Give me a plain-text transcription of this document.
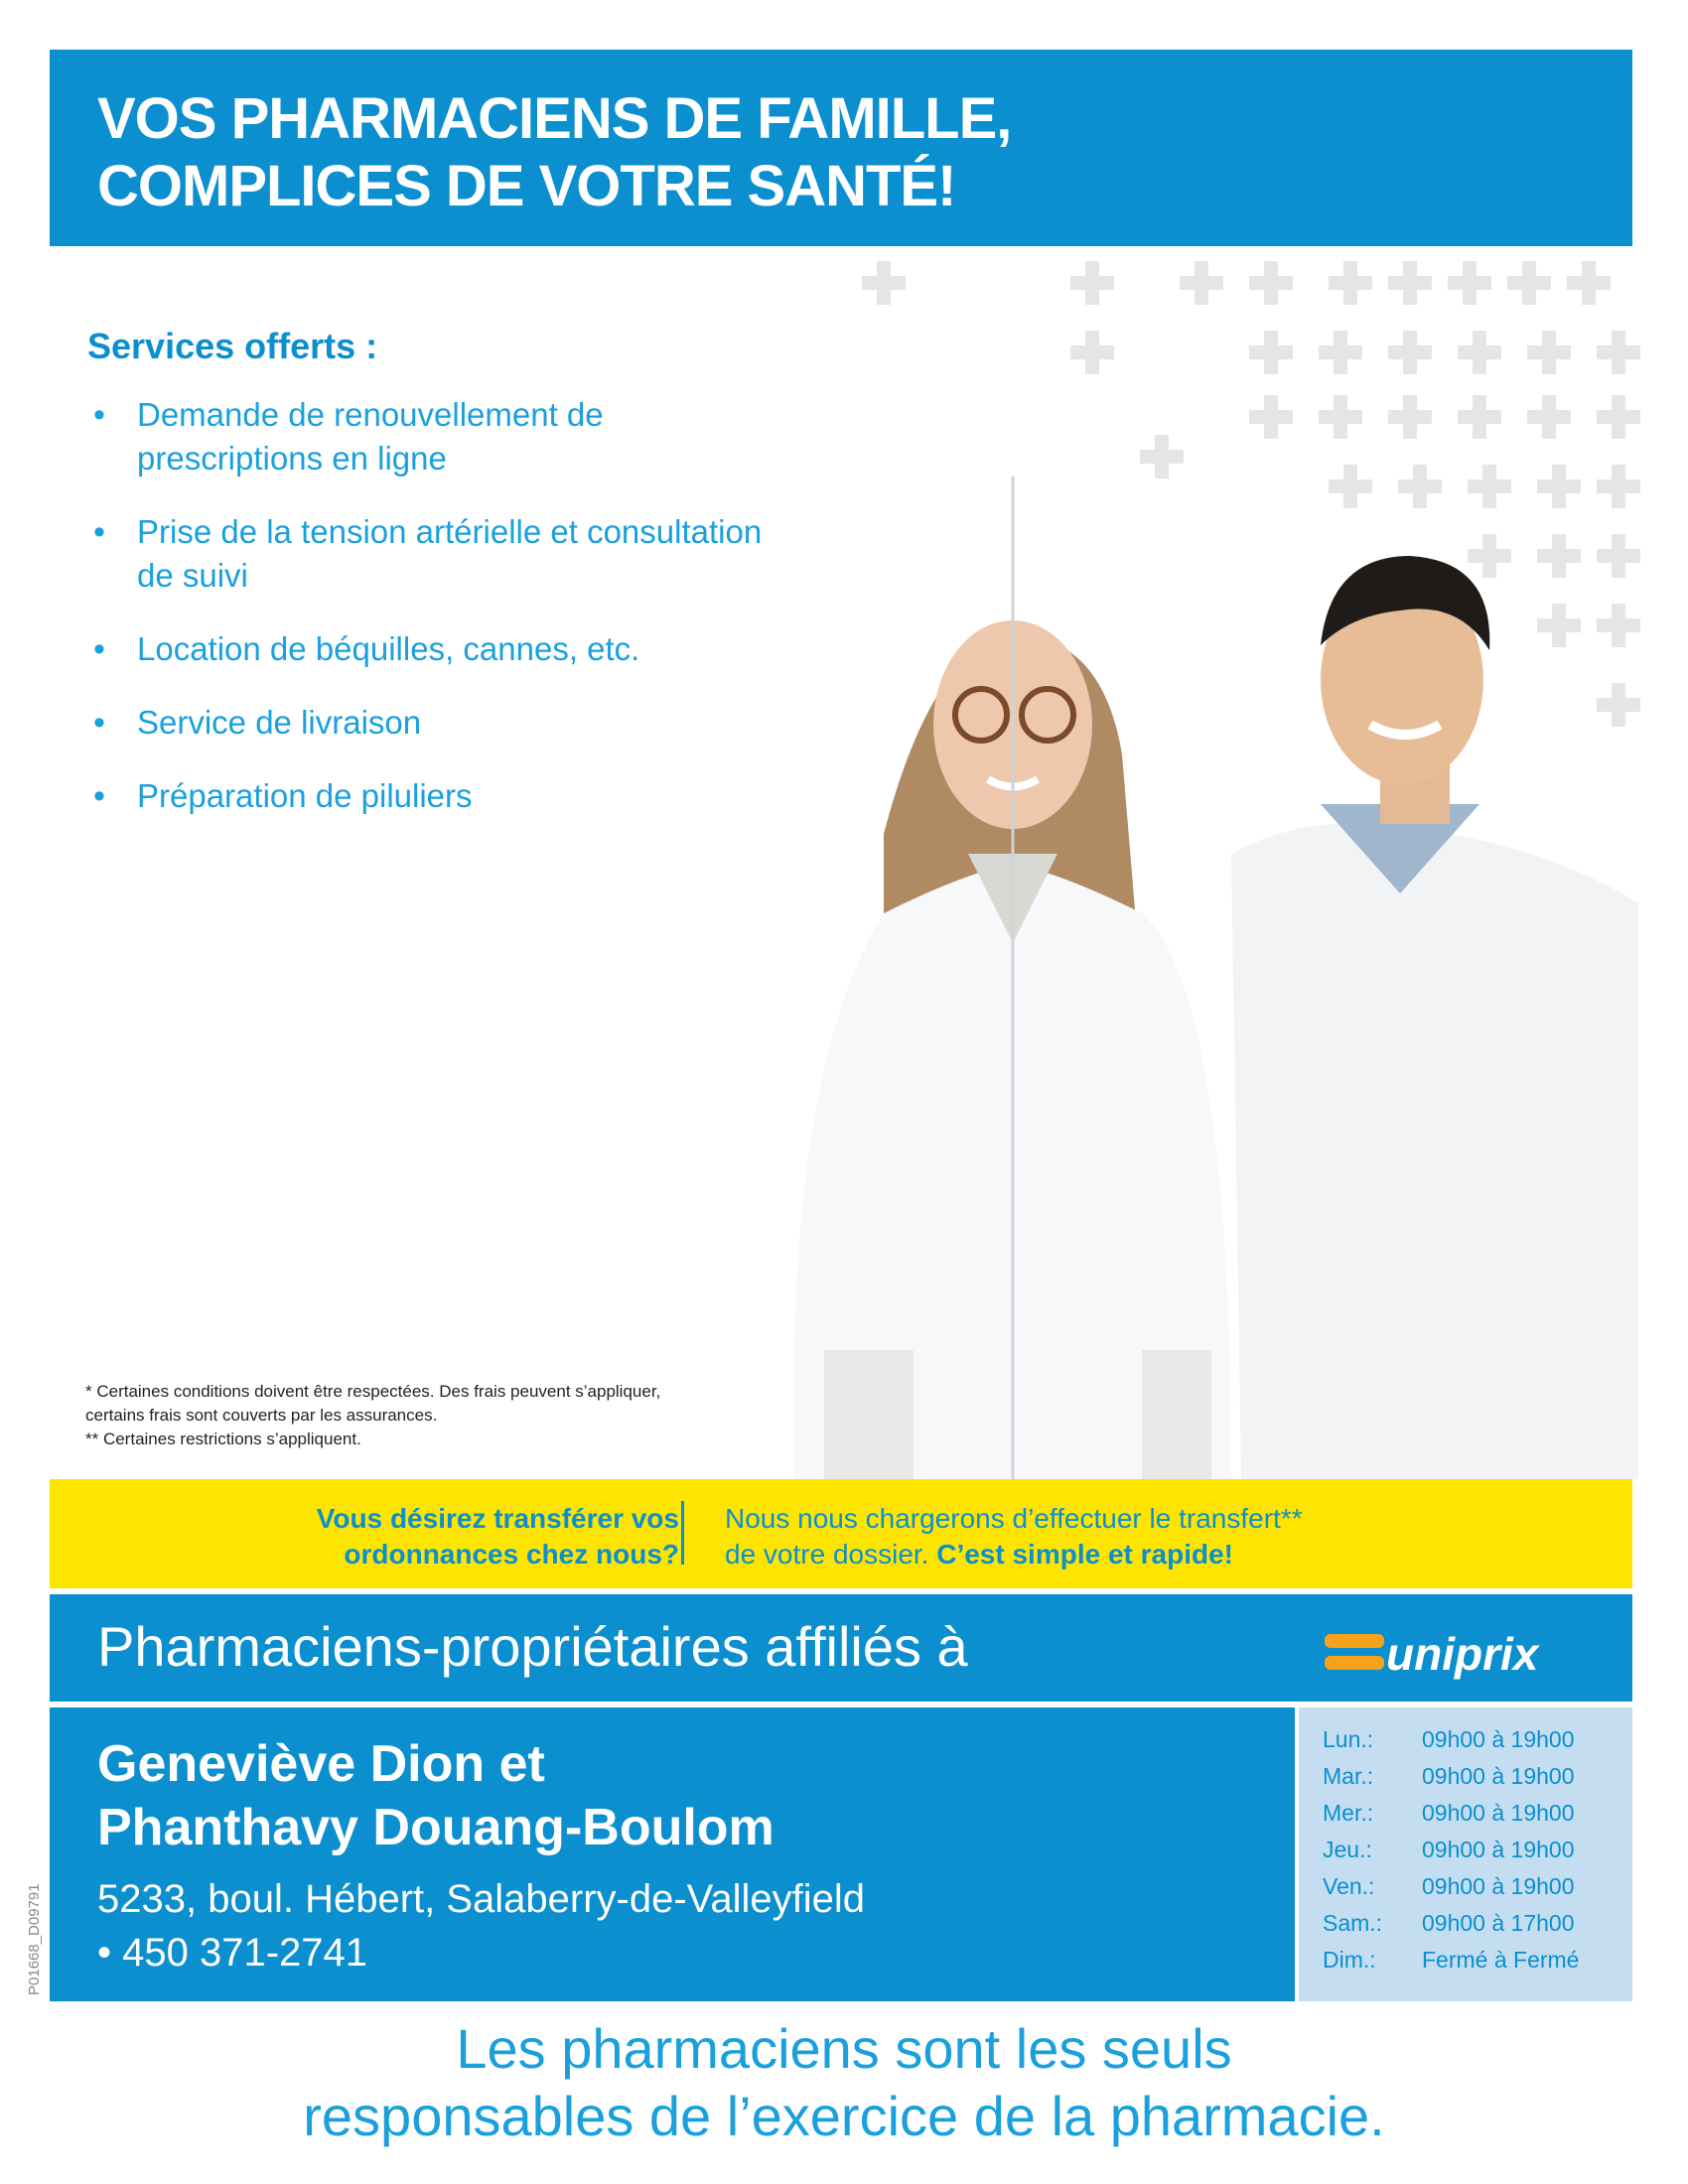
VOS PHARMACIENS DE FAMILLE,
COMPLICES DE VOTRE SANTÉ!
Services offerts :
• Demande de renouvellement de prescriptions en ligne
• Prise de la tension artérielle et consultation de suivi
• Location de béquilles, cannes, etc.
• Service de livraison
• Préparation de piluliers
* Certaines conditions doivent être respectées. Des frais peuvent s’appliquer, certains frais sont couverts par les assurances.
** Certaines restrictions s’appliquent.
Vous désirez transférer vos
ordonnances chez nous?
Nous nous chargerons d’effectuer le transfert**
de votre dossier. C’est simple et rapide!
Pharmaciens-propriétaires affiliés à	uniprix
Geneviève Dion et
Phanthavy Douang-Boulom
5233, boul. Hébert, Salaberry-de-Valleyfield
• 450 371-2741
Lun.:	09h00 à 19h00
Mar.:	09h00 à 19h00
Mer.:	09h00 à 19h00
Jeu.:	09h00 à 19h00
Ven.:	09h00 à 19h00
Sam.:	09h00 à 17h00
Dim.:	Fermé à Fermé
P01668_D09791
Les pharmaciens sont les seuls
responsables de l’exercice de la pharmacie.
